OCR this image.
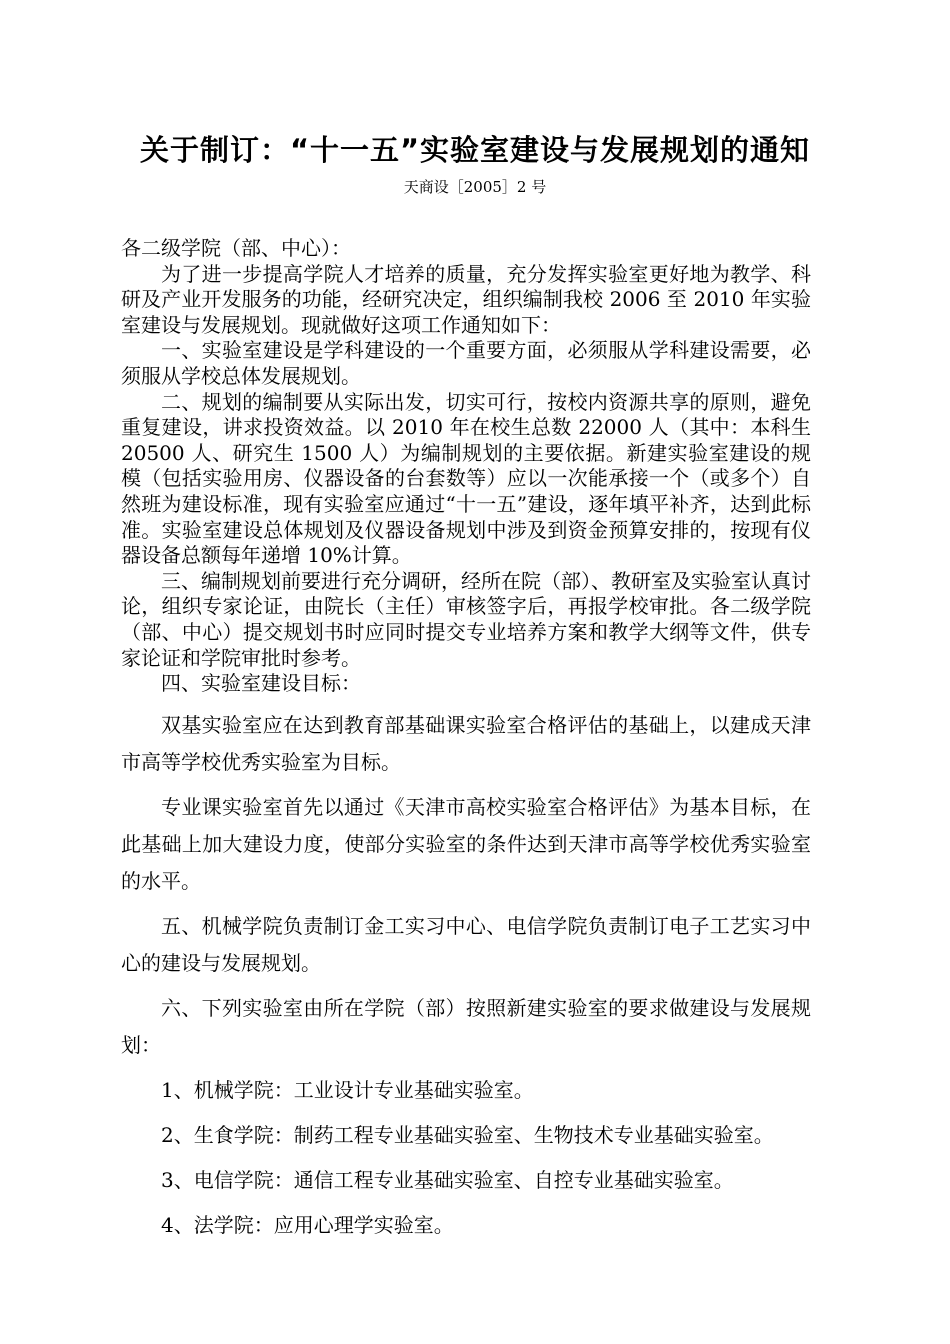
关于制订：“十一五”实验室建设与发展规划的通知
天商设［2005］2 号

各二级学院（部、中心）：

为了进一步提高学院人才培养的质量，充分发挥实验室更好地为教学、科研及产业开发服务的功能，经研究决定，组织编制我校 2006 至 2010 年实验室建设与发展规划。现就做好这项工作通知如下：

一、实验室建设是学科建设的一个重要方面，必须服从学科建设需要，必须服从学校总体发展规划。

二、规划的编制要从实际出发，切实可行，按校内资源共享的原则，避免重复建设，讲求投资效益。以 2010 年在校生总数 22000 人（其中：本科生 20500 人、研究生 1500 人）为编制规划的主要依据。新建实验室建设的规模（包括实验用房、仪器设备的台套数等）应以一次能承接一个（或多个）自然班为建设标准，现有实验室应通过“十一五”建设，逐年填平补齐，达到此标准。实验室建设总体规划及仪器设备规划中涉及到资金预算安排的，按现有仪器设备总额每年递增 10%计算。

三、编制规划前要进行充分调研，经所在院（部）、教研室及实验室认真讨论，组织专家论证，由院长（主任）审核签字后，再报学校审批。各二级学院（部、中心）提交规划书时应同时提交专业培养方案和教学大纲等文件，供专家论证和学院审批时参考。

四、实验室建设目标：

双基实验室应在达到教育部基础课实验室合格评估的基础上，以建成天津市高等学校优秀实验室为目标。

专业课实验室首先以通过《天津市高校实验室合格评估》为基本目标，在此基础上加大建设力度，使部分实验室的条件达到天津市高等学校优秀实验室的水平。

五、机械学院负责制订金工实习中心、电信学院负责制订电子工艺实习中心的建设与发展规划。

六、下列实验室由所在学院（部）按照新建实验室的要求做建设与发展规划：

1、机械学院：工业设计专业基础实验室。

2、生食学院：制药工程专业基础实验室、生物技术专业基础实验室。

3、电信学院：通信工程专业基础实验室、自控专业基础实验室。

4、法学院：应用心理学实验室。
